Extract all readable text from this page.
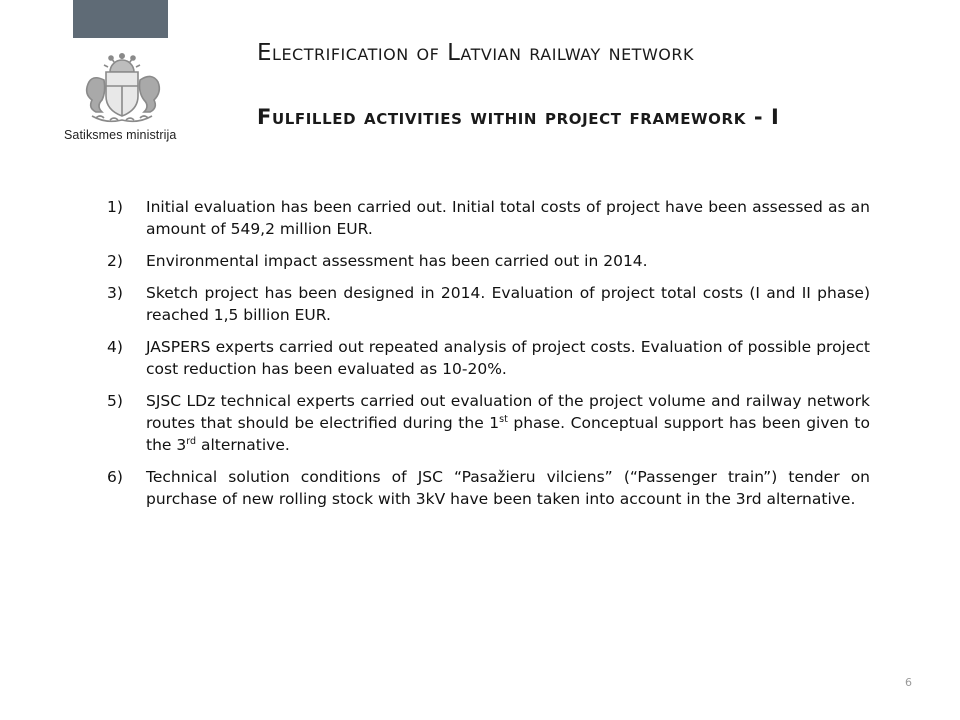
Satiksmes ministrija
Electrification of Latvian railway network
Fulfilled activities within project framework - I
1) Initial evaluation has been carried out. Initial total costs of project have been assessed as an amount of 549,2 million EUR.
2) Environmental impact assessment has been carried out in 2014.
3) Sketch project has been designed in 2014. Evaluation of project total costs (I and II phase) reached 1,5 billion EUR.
4) JASPERS experts carried out repeated analysis of project costs. Evaluation of possible project cost reduction has been evaluated as 10-20%.
5) SJSC LDz technical experts carried out evaluation of the project volume and railway network routes that should be electrified during the 1st phase. Conceptual support has been given to the 3rd alternative.
6) Technical solution conditions of JSC “Pasažieru vilciens” (“Passenger train”) tender on purchase of new rolling stock with 3kV have been taken into account in the 3rd alternative.
6
